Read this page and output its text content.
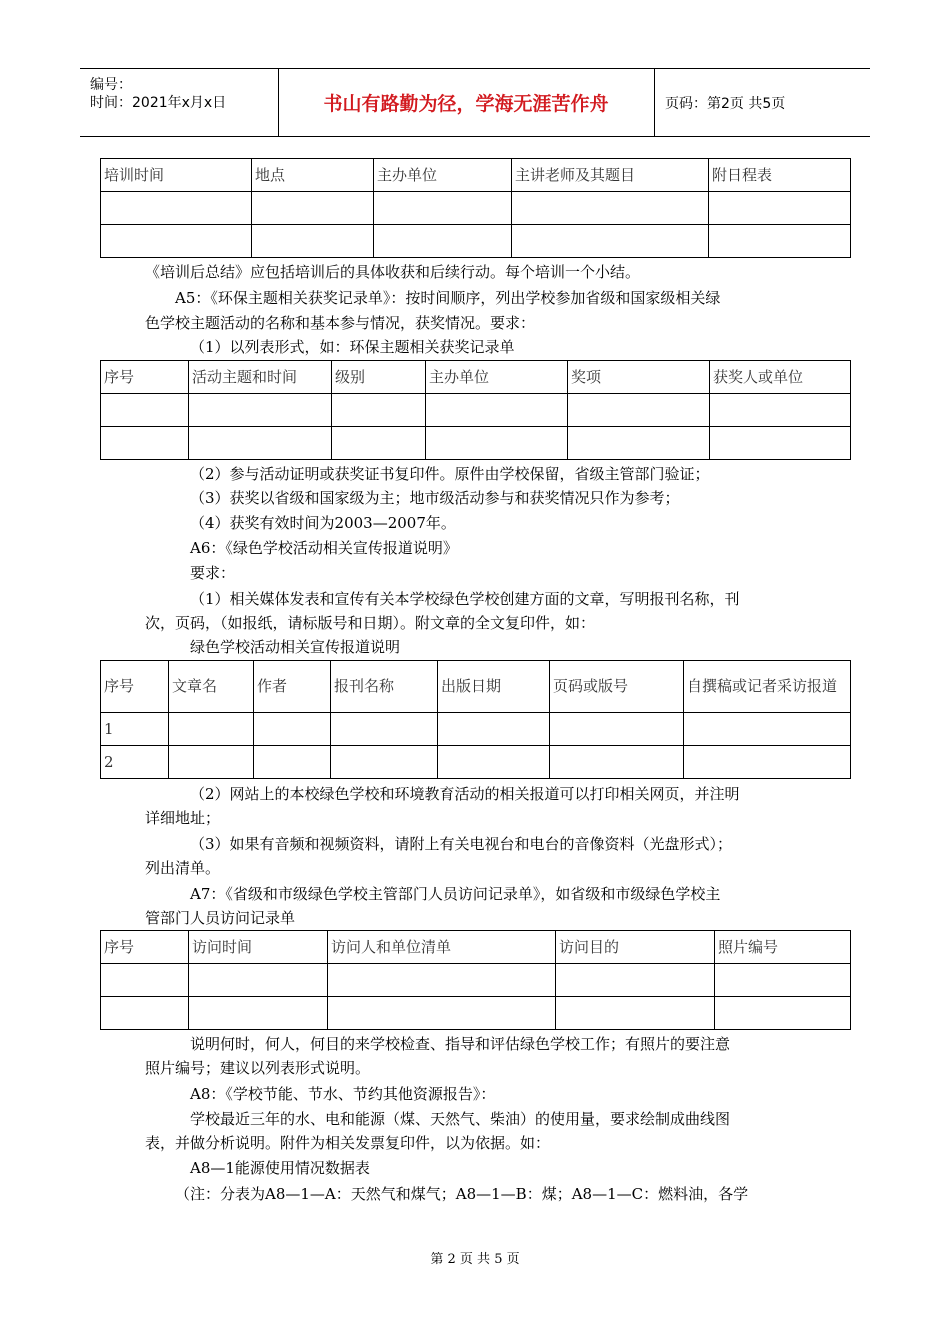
编号：
时间：2021年x月x日	书山有路勤为径，学海无涯苦作舟	页码：第2页 共5页
培训时间	地点	主办单位	主讲老师及其题目	附日程表

《培训后总结》应包括培训后的具体收获和后续行动。每个培训一个小结。
A5：《环保主题相关获奖记录单》：按时间顺序，列出学校参加省级和国家级相关绿
色学校主题活动的名称和基本参与情况，获奖情况。要求：
（1）以列表形式，如：环保主题相关获奖记录单
序号	活动主题和时间	级别	主办单位	奖项	获奖人或单位

（2）参与活动证明或获奖证书复印件。原件由学校保留，省级主管部门验证；
（3）获奖以省级和国家级为主；地市级活动参与和获奖情况只作为参考；
（4）获奖有效时间为2003—2007年。
A6：《绿色学校活动相关宣传报道说明》
要求：
（1）相关媒体发表和宣传有关本学校绿色学校创建方面的文章，写明报刊名称，刊
次，页码，（如报纸，请标版号和日期）。附文章的全文复印件，如：
绿色学校活动相关宣传报道说明
序号	文章名	作者	报刊名称	出版日期	页码或版号	自撰稿或记者采访报道
1						
2						
（2）网站上的本校绿色学校和环境教育活动的相关报道可以打印相关网页，并注明
详细地址；
（3）如果有音频和视频资料，请附上有关电视台和电台的音像资料（光盘形式）；
列出清单。
A7：《省级和市级绿色学校主管部门人员访问记录单》，如省级和市级绿色学校主
管部门人员访问记录单
序号	访问时间	访问人和单位清单	访问目的	照片编号

说明何时，何人，何目的来学校检查、指导和评估绿色学校工作；有照片的要注意
照片编号；建议以列表形式说明。
A8：《学校节能、节水、节约其他资源报告》：
学校最近三年的水、电和能源（煤、天然气、柴油）的使用量，要求绘制成曲线图
表，并做分析说明。附件为相关发票复印件，以为依据。如：
A8—1能源使用情况数据表
（注：分表为A8—1—A：天然气和煤气；A8—1—B：煤；A8—1—C：燃料油，各学
第 2 页 共 5 页
